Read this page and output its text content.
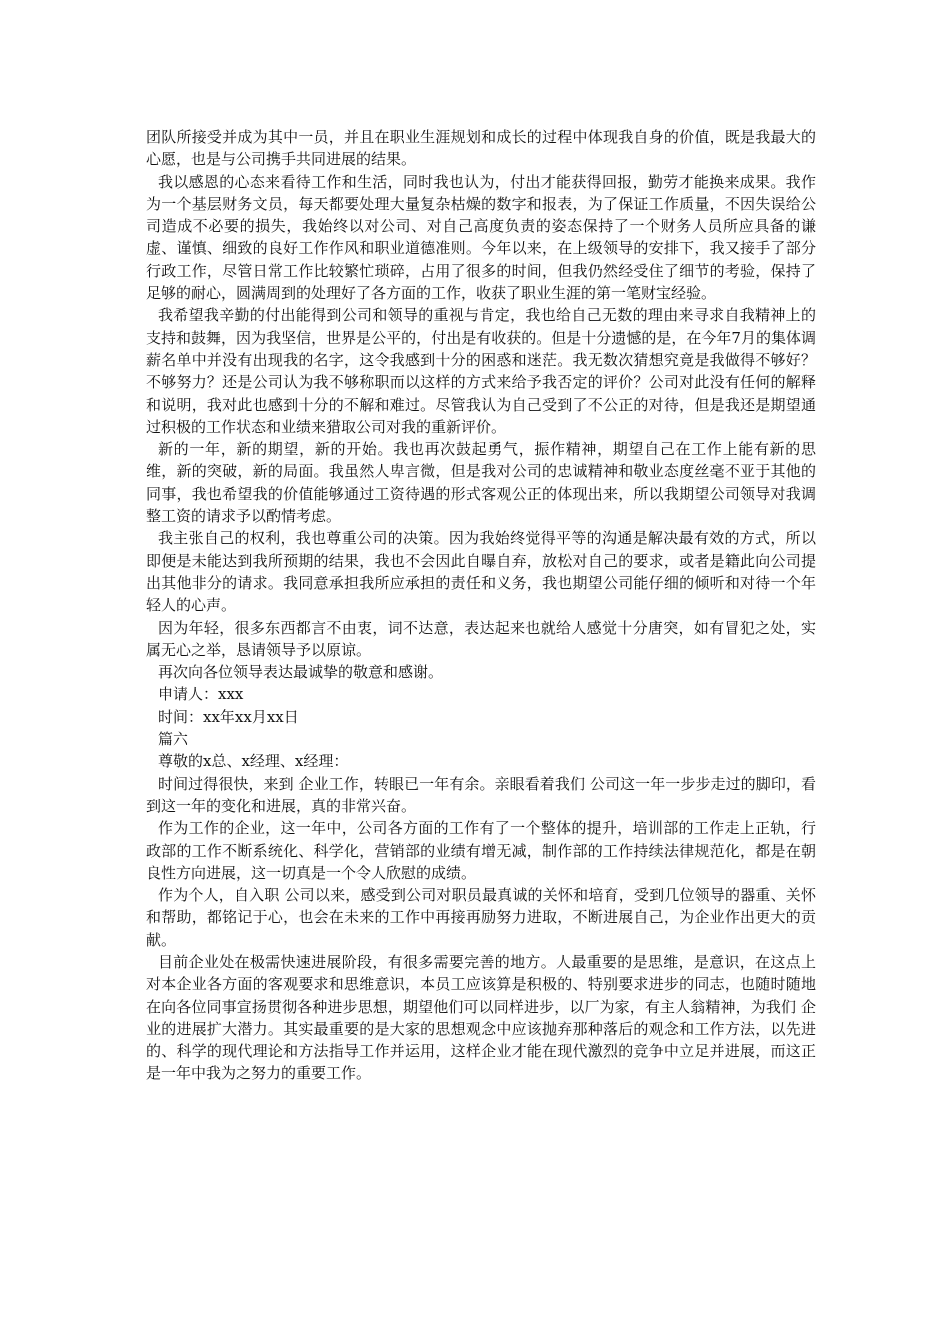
团队所接受并成为其中一员，并且在职业生涯规划和成长的过程中体现我自身的价值，既是我最大的心愿，也是与公司携手共同进展的结果。

我以感恩的心态来看待工作和生活，同时我也认为，付出才能获得回报，勤劳才能换来成果。我作为一个基层财务文员，每天都要处理大量复杂枯燥的数字和报表，为了保证工作质量，不因失误给公司造成不必要的损失，我始终以对公司、对自己高度负责的姿态保持了一个财务人员所应具备的谦虚、谨慎、细致的良好工作作风和职业道德准则。今年以来，在上级领导的安排下，我又接手了部分行政工作，尽管日常工作比较繁忙琐碎，占用了很多的时间，但我仍然经受住了细节的考验，保持了足够的耐心，圆满周到的处理好了各方面的工作，收获了职业生涯的第一笔财宝经验。

我希望我辛勤的付出能得到公司和领导的重视与肯定，我也给自己无数的理由来寻求自我精神上的支持和鼓舞，因为我坚信，世界是公平的，付出是有收获的。但是十分遗憾的是，在今年7月的集体调薪名单中并没有出现我的名字，这令我感到十分的困惑和迷茫。我无数次猜想究竟是我做得不够好？不够努力？还是公司认为我不够称职而以这样的方式来给予我否定的评价？公司对此没有任何的解释和说明，我对此也感到十分的不解和难过。尽管我认为自己受到了不公正的对待，但是我还是期望通过积极的工作状态和业绩来猎取公司对我的重新评价。

新的一年，新的期望，新的开始。我也再次鼓起勇气，振作精神，期望自己在工作上能有新的思维，新的突破，新的局面。我虽然人卑言微，但是我对公司的忠诚精神和敬业态度丝毫不亚于其他的同事，我也希望我的价值能够通过工资待遇的形式客观公正的体现出来，所以我期望公司领导对我调整工资的请求予以酌情考虑。

我主张自己的权利，我也尊重公司的决策。因为我始终觉得平等的沟通是解决最有效的方式，所以即便是未能达到我所预期的结果，我也不会因此自曝自弃，放松对自己的要求，或者是籍此向公司提出其他非分的请求。我同意承担我所应承担的责任和义务，我也期望公司能仔细的倾听和对待一个年轻人的心声。

因为年轻，很多东西都言不由衷，词不达意，表达起来也就给人感觉十分唐突，如有冒犯之处，实属无心之举，恳请领导予以原谅。

再次向各位领导表达最诚挚的敬意和感谢。

申请人：xxx

时间：xx年xx月xx日

篇六

尊敬的x总、x经理、x经理：

时间过得很快，来到 企业工作，转眼已一年有余。亲眼看着我们 公司这一年一步步走过的脚印，看到这一年的变化和进展，真的非常兴奋。

作为工作的企业，这一年中，公司各方面的工作有了一个整体的提升，培训部的工作走上正轨，行政部的工作不断系统化、科学化，营销部的业绩有增无减，制作部的工作持续法律规范化，都是在朝良性方向进展，这一切真是一个令人欣慰的成绩。

作为个人，自入职 公司以来，感受到公司对职员最真诚的关怀和培育，受到几位领导的器重、关怀和帮助，都铭记于心，也会在未来的工作中再接再励努力进取，不断进展自己，为企业作出更大的贡献。

目前企业处在极需快速进展阶段，有很多需要完善的地方。人最重要的是思维，是意识，在这点上对本企业各方面的客观要求和思维意识，本员工应该算是积极的、特别要求进步的同志，也随时随地在向各位同事宣扬贯彻各种进步思想，期望他们可以同样进步，以厂为家，有主人翁精神，为我们 企业的进展扩大潜力。其实最重要的是大家的思想观念中应该抛弃那种落后的观念和工作方法，以先进的、科学的现代理论和方法指导工作并运用，这样企业才能在现代激烈的竞争中立足并进展，而这正是一年中我为之努力的重要工作。
